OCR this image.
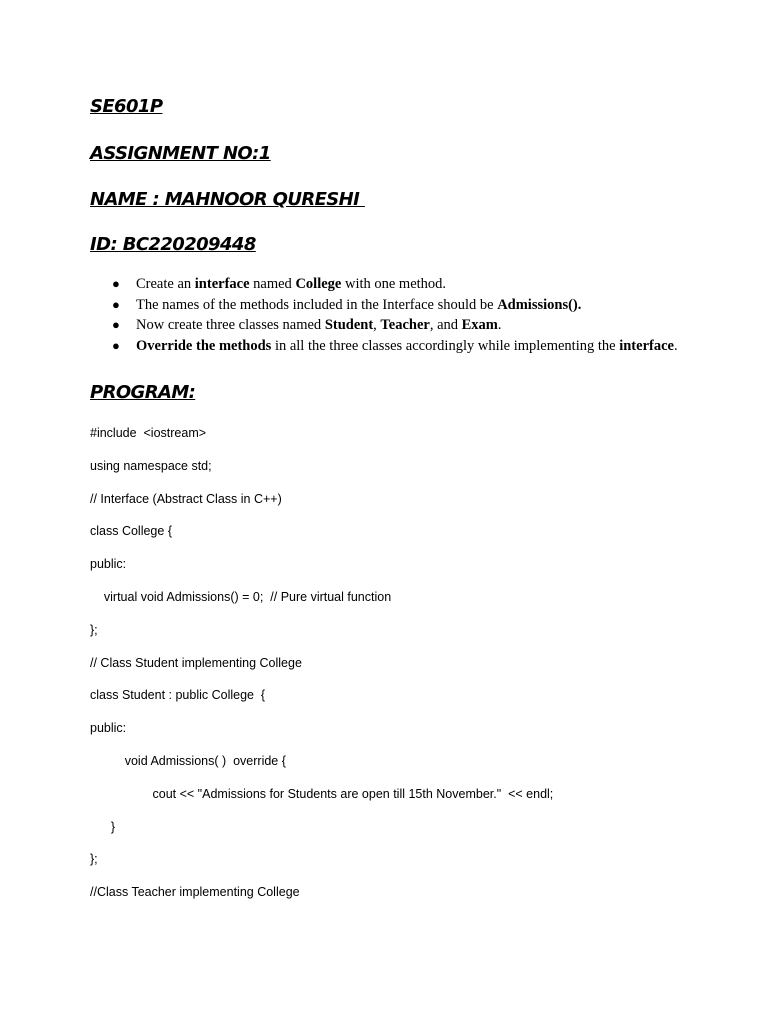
SE601P
ASSIGNMENT NO:1
NAME : MAHNOOR QURESHI
ID: BC220209448
● Create an interface named College with one method.
● The names of the methods included in the Interface should be Admissions().
● Now create three classes named Student, Teacher, and Exam.
● Override the methods in all the three classes accordingly while implementing the interface.
PROGRAM:
#include  <iostream>
using namespace std;
// Interface (Abstract Class in C++)
class College {
public:
virtual void Admissions() = 0;  // Pure virtual function
};
// Class Student implementing College
class Student : public College  {
public:
void Admissions( )  override {
cout << "Admissions for Students are open till 15th November."  << endl;
}
};
//Class Teacher implementing College
